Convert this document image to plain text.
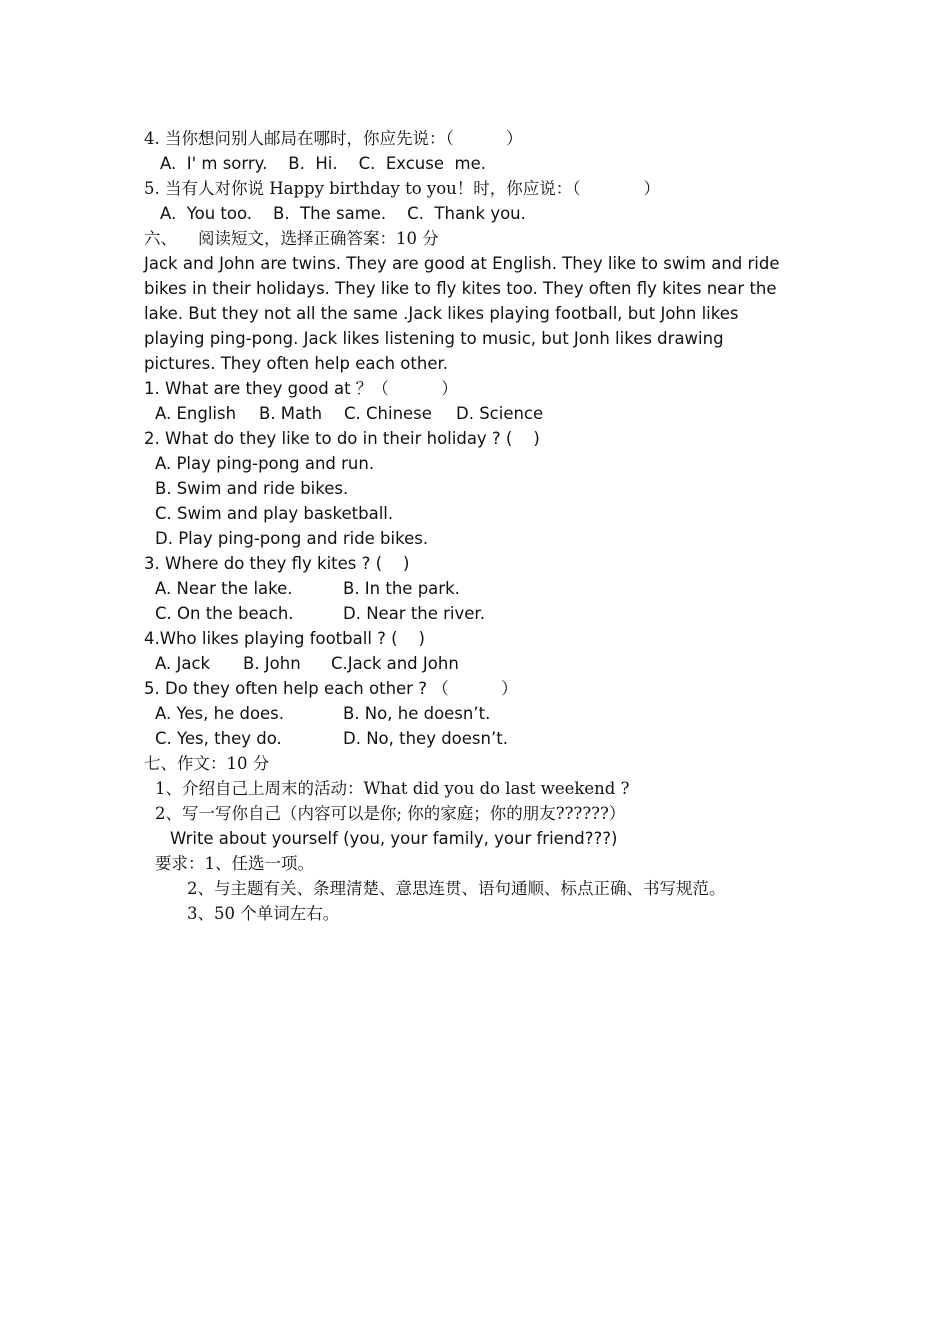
4. 当你想问别人邮局在哪时，你应先说：（          ）
A.  I' m sorry.    B.  Hi.    C.  Excuse  me.
5. 当有人对你说 Happy birthday to you！时，你应说：（            ）
A.  You too.    B.  The same.    C.  Thank you.
六、    阅读短文，选择正确答案：10 分
Jack and John are twins. They are good at English. They like to swim and ride bikes in their holidays. They like to fly kites too. They often fly kites near the lake. But they not all the same .Jack likes playing football, but John likes playing ping-pong. Jack likes listening to music, but Jonh likes drawing pictures. They often help each other.
1. What are they good at ？（          ）
A. English B. Math C. Chinese D. Science
2. What do they like to do in their holiday ? (    )
A. Play ping-pong and run.
B. Swim and ride bikes.
C. Swim and play basketball.
D. Play ping-pong and ride bikes.
3. Where do they fly kites ? (    )
A. Near the lake.	B. In the park.
C. On the beach.	D. Near the river.
4.Who likes playing football ? (    )
A. Jack B. John C.Jack and John
5. Do they often help each other ? （          ）
A. Yes, he does.	B. No, he doesn’t.
C. Yes, they do.	D. No, they doesn’t.
七、作文：10 分
1、介绍自己上周末的活动：What did you do last weekend ?
2、写一写你自己（内容可以是你; 你的家庭；你的朋友??????）
Write about yourself (you, your family, your friend???)
要求：1、任选一项。
2、与主题有关、条理清楚、意思连贯、语句通顺、标点正确、书写规范。
3、50 个单词左右。
